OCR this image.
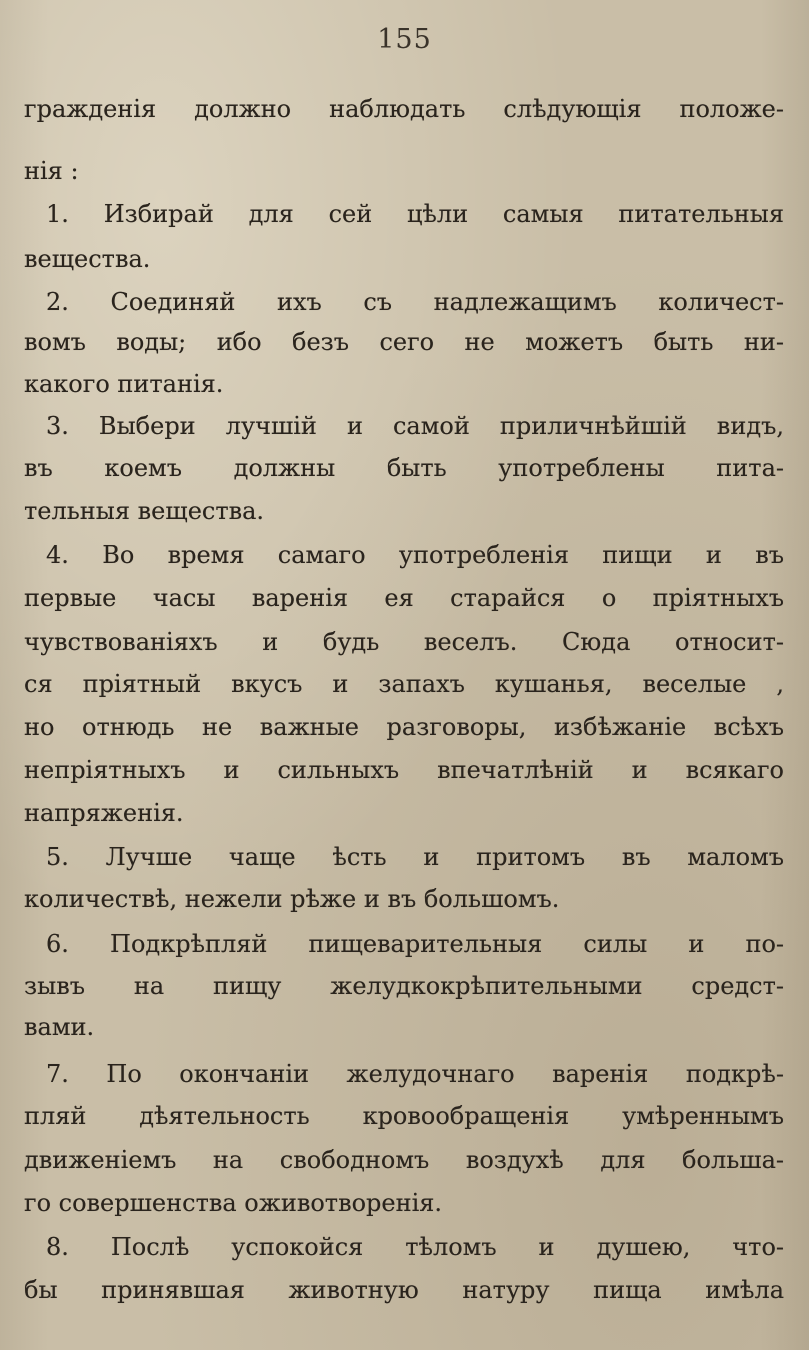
155
гражденія должно наблюдать слѣдующія положе-
нія :
1. Избирай для сей цѣли самыя питательныя
вещества.
2. Соединяй ихъ съ надлежащимъ количест-
вомъ воды; ибо безъ сего не можетъ быть ни-
какого питанія.
3. Выбери лучшій и самой приличнѣйшій видъ,
въ коемъ должны быть употреблены пита-
тельныя вещества.
4. Во время самаго употребленія пищи и въ
первые часы варенія ея старайся о пріятныхъ
чувствованіяхъ и будь веселъ. Сюда относит-
ся пріятный вкусъ и запахъ кушанья, веселые ,
но отнюдь не важные разговоры, избѣжаніе всѣхъ
непріятныхъ и сильныхъ впечатлѣній и всякаго
напряженія.
5. Лучше чаще ѣсть и притомъ въ маломъ
количествѣ, нежели рѣже и въ большомъ.
6. Подкрѣпляй пищеварительныя силы и по-
зывъ на пищу желудкокрѣпительными средст-
вами.
7. По окончаніи желудочнаго варенія подкрѣ-
пляй дѣятельность кровообращенія умѣреннымъ
движеніемъ на свободномъ воздухѣ для больша-
го совершенства оживотворенія.
8. Послѣ успокойся тѣломъ и душею, чтo-
бы принявшая животную натуру пища имѣла
